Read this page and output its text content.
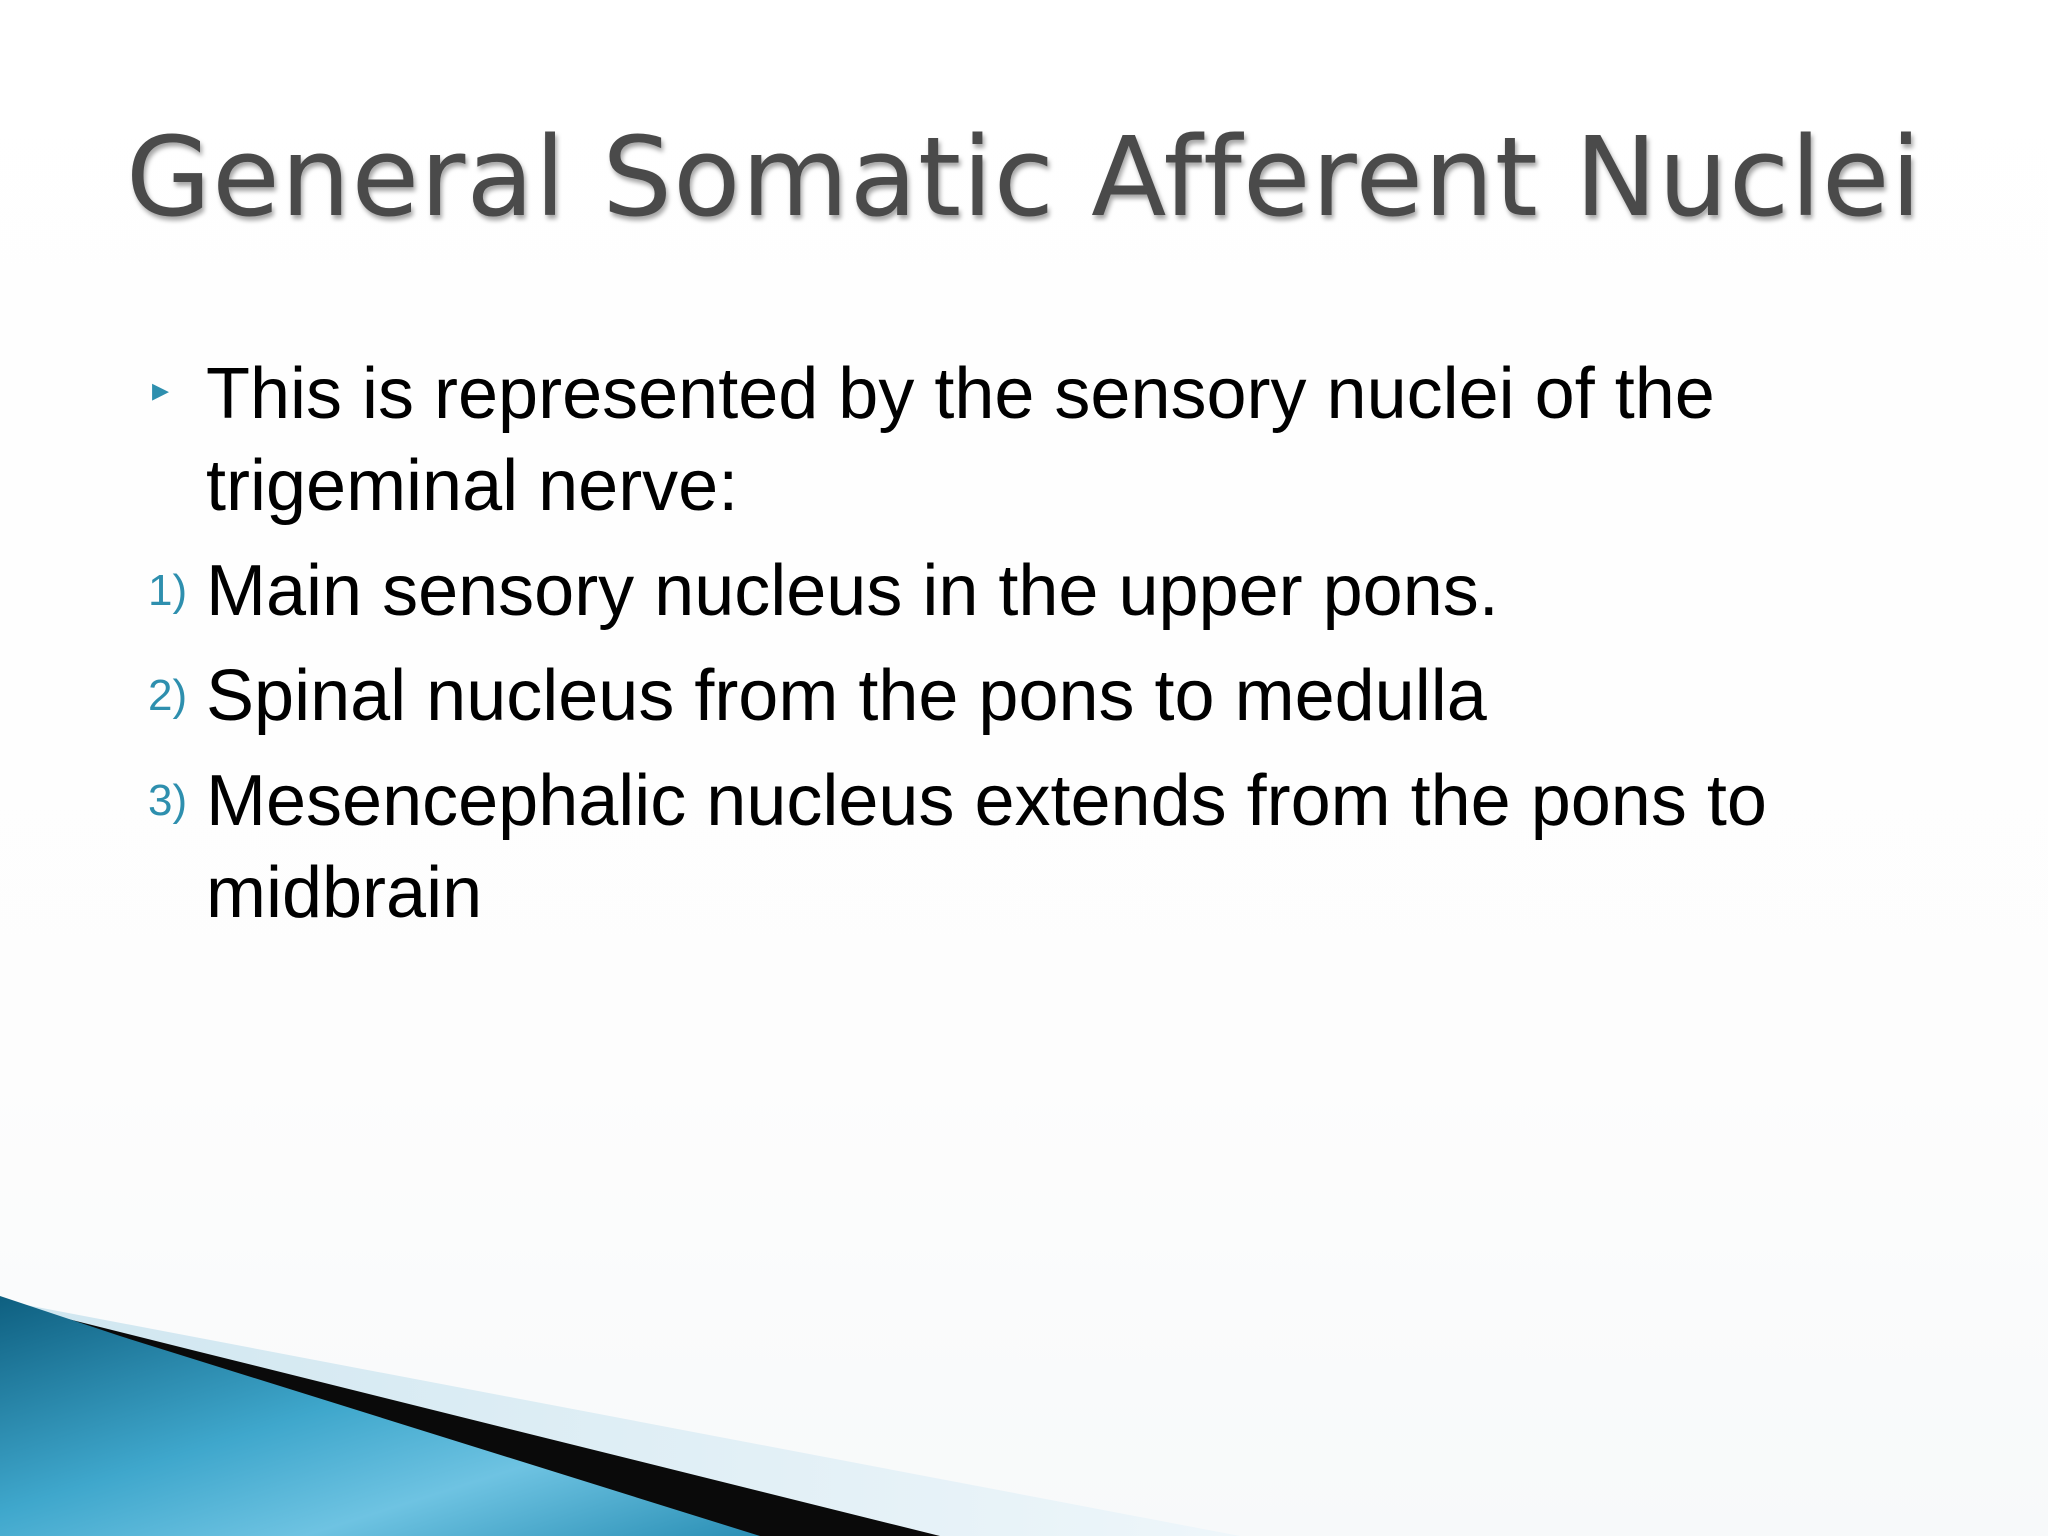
General Somatic Afferent Nuclei
▸ This is represented by the sensory nuclei of the trigeminal nerve:
1) Main sensory nucleus in the upper pons.
2) Spinal nucleus from the pons to medulla
3) Mesencephalic nucleus extends from the pons to midbrain
